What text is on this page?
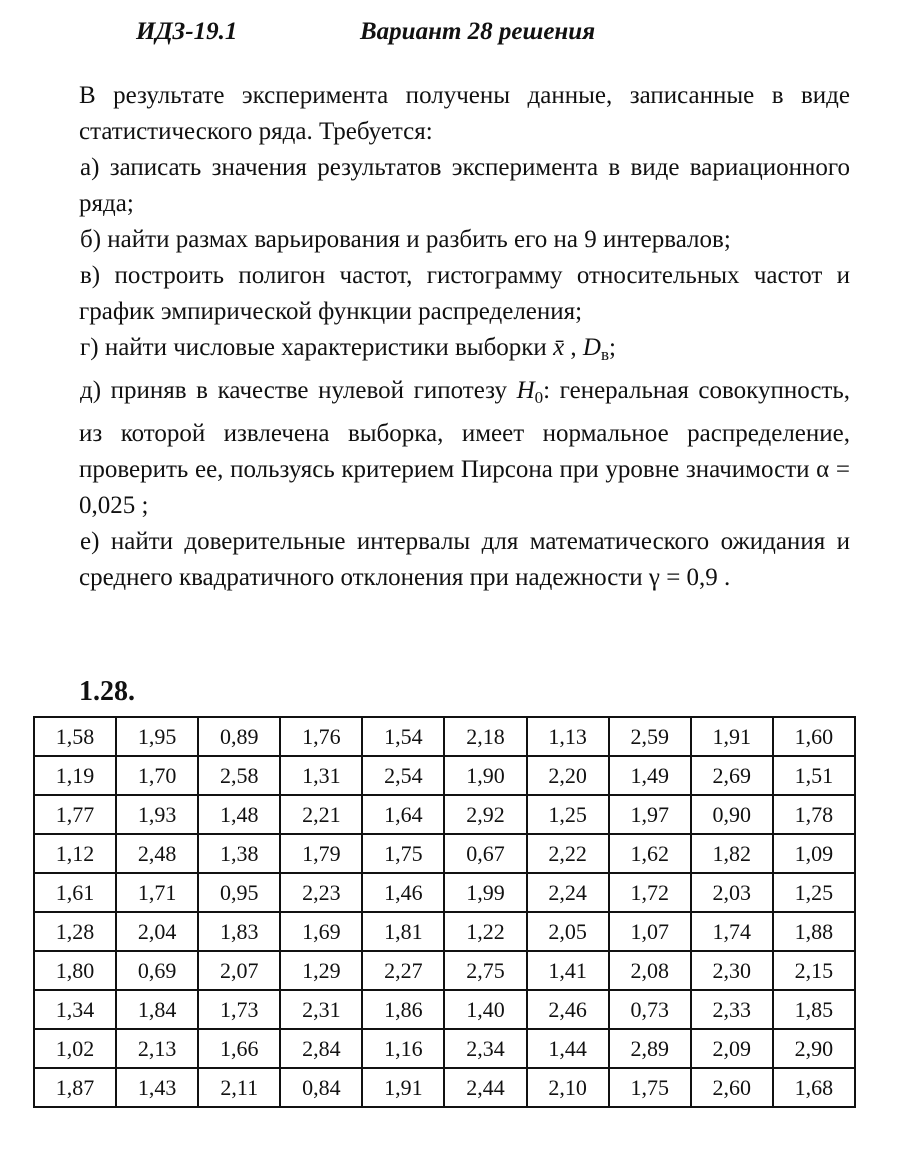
ИДЗ-19.1	Вариант 28 решения

В результате эксперимента получены данные, записанные в виде статистического ряда. Требуется:

а) записать значения результатов эксперимента в виде вариационного ряда;

б) найти размах варьирования и разбить его на 9 интервалов;

в) построить полигон частот, гистограмму относительных частот и график эмпирической функции распределения;

г) найти числовые характеристики выборки x̄ , $D_в$;

д) приняв в качестве нулевой гипотезу $H_0$: генеральная совокупность, из которой извлечена выборка, имеет нормальное распределение, проверить ее, пользуясь критерием Пирсона при уровне значимости α = 0,025 ;

е) найти доверительные интервалы для математического ожидания и среднего квадратичного отклонения при надежности γ = 0,9 .

1.28.
1,58	1,95	0,89	1,76	1,54	2,18	1,13	2,59	1,91	1,60
1,19	1,70	2,58	1,31	2,54	1,90	2,20	1,49	2,69	1,51
1,77	1,93	1,48	2,21	1,64	2,92	1,25	1,97	0,90	1,78
1,12	2,48	1,38	1,79	1,75	0,67	2,22	1,62	1,82	1,09
1,61	1,71	0,95	2,23	1,46	1,99	2,24	1,72	2,03	1,25
1,28	2,04	1,83	1,69	1,81	1,22	2,05	1,07	1,74	1,88
1,80	0,69	2,07	1,29	2,27	2,75	1,41	2,08	2,30	2,15
1,34	1,84	1,73	2,31	1,86	1,40	2,46	0,73	2,33	1,85
1,02	2,13	1,66	2,84	1,16	2,34	1,44	2,89	2,09	2,90
1,87	1,43	2,11	0,84	1,91	2,44	2,10	1,75	2,60	1,68
